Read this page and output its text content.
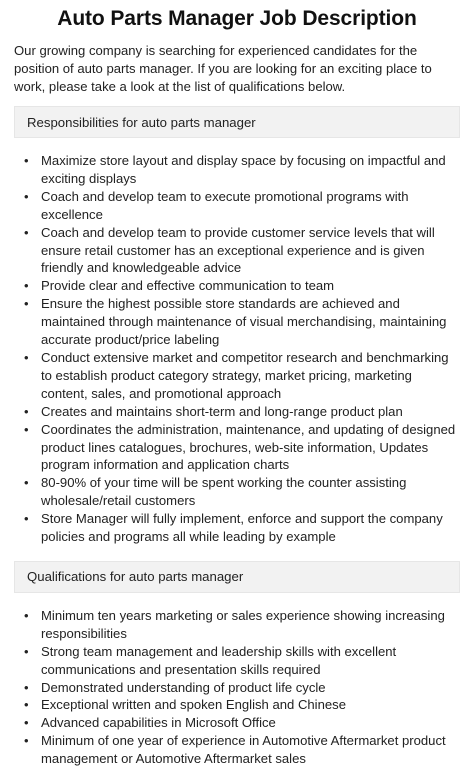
Auto Parts Manager Job Description

Our growing company is searching for experienced candidates for the position of auto parts manager. If you are looking for an exciting place to work, please take a look at the list of qualifications below.

Responsibilities for auto parts manager
• Maximize store layout and display space by focusing on impactful and exciting displays
• Coach and develop team to execute promotional programs with excellence
• Coach and develop team to provide customer service levels that will ensure retail customer has an exceptional experience and is given friendly and knowledgeable advice
• Provide clear and effective communication to team
• Ensure the highest possible store standards are achieved and maintained through maintenance of visual merchandising, maintaining accurate product/price labeling
• Conduct extensive market and competitor research and benchmarking to establish product category strategy, market pricing, marketing content, sales, and promotional approach
• Creates and maintains short-term and long-range product plan
• Coordinates the administration, maintenance, and updating of designed product lines catalogues, brochures, web-site information, Updates program information and application charts
• 80-90% of your time will be spent working the counter assisting wholesale/retail customers
• Store Manager will fully implement, enforce and support the company policies and programs all while leading by example
Qualifications for auto parts manager
• Minimum ten years marketing or sales experience showing increasing responsibilities
• Strong team management and leadership skills with excellent communications and presentation skills required
• Demonstrated understanding of product life cycle
• Exceptional written and spoken English and Chinese
• Advanced capabilities in Microsoft Office
• Minimum of one year of experience in Automotive Aftermarket product management or Automotive Aftermarket sales
